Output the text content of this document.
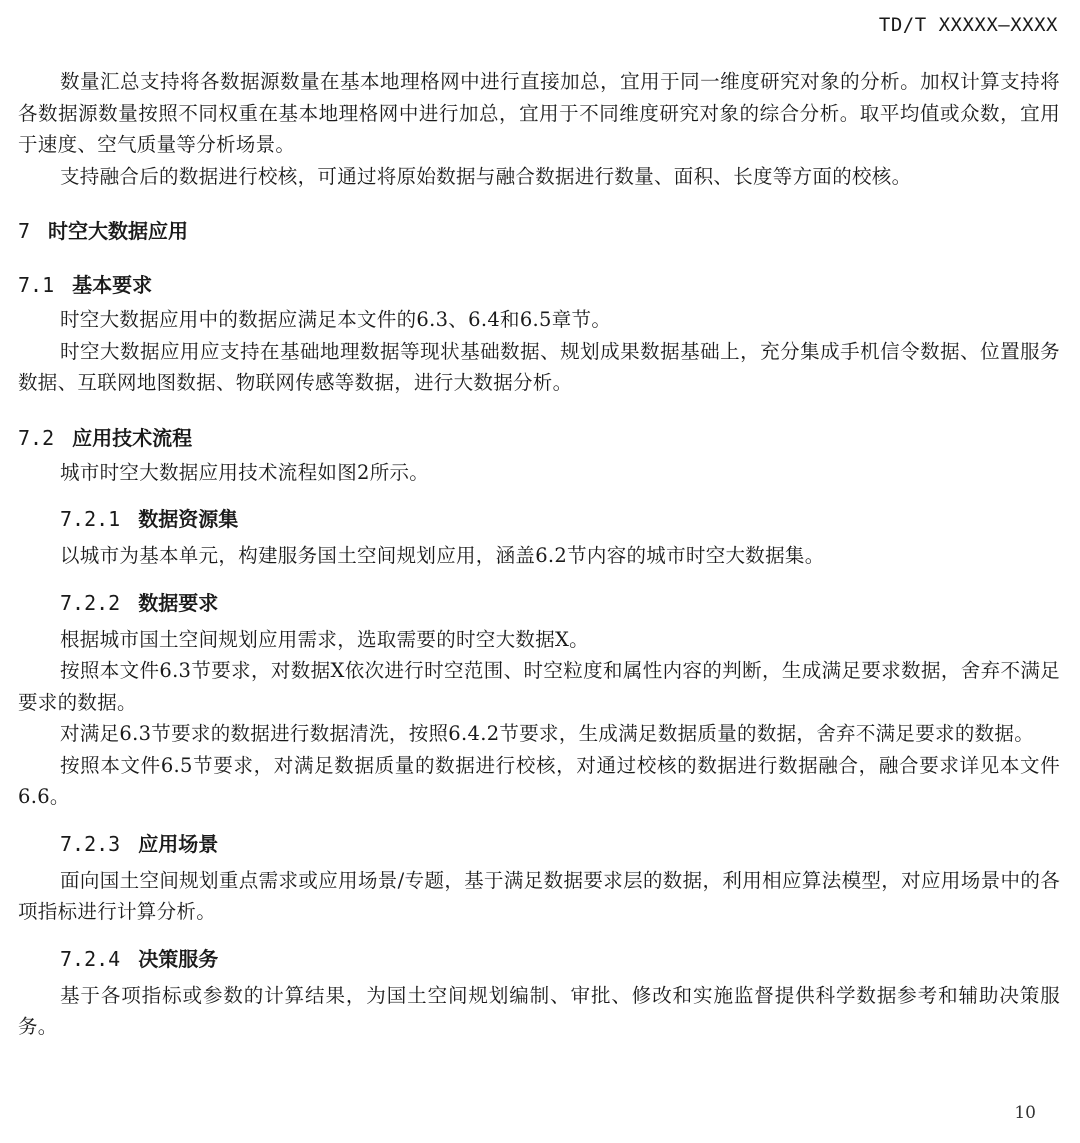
TD/T XXXXX—XXXX

数量汇总支持将各数据源数量在基本地理格网中进行直接加总，宜用于同一维度研究对象的分析。加权计算支持将各数据源数量按照不同权重在基本地理格网中进行加总，宜用于不同维度研究对象的综合分析。取平均值或众数，宜用于速度、空气质量等分析场景。

支持融合后的数据进行校核，可通过将原始数据与融合数据进行数量、面积、长度等方面的校核。

7 时空大数据应用
7.1 基本要求

时空大数据应用中的数据应满足本文件的6.3、6.4和6.5章节。

时空大数据应用应支持在基础地理数据等现状基础数据、规划成果数据基础上，充分集成手机信令数据、位置服务数据、互联网地图数据、物联网传感等数据，进行大数据分析。

7.2 应用技术流程

城市时空大数据应用技术流程如图2所示。

7.2.1 数据资源集

以城市为基本单元，构建服务国土空间规划应用，涵盖6.2节内容的城市时空大数据集。

7.2.2 数据要求

根据城市国土空间规划应用需求，选取需要的时空大数据X。

按照本文件6.3节要求，对数据X依次进行时空范围、时空粒度和属性内容的判断，生成满足要求数据，舍弃不满足要求的数据。

对满足6.3节要求的数据进行数据清洗，按照6.4.2节要求，生成满足数据质量的数据，舍弃不满足要求的数据。

按照本文件6.5节要求，对满足数据质量的数据进行校核，对通过校核的数据进行数据融合，融合要求详见本文件6.6。

7.2.3 应用场景

面向国土空间规划重点需求或应用场景/专题，基于满足数据要求层的数据，利用相应算法模型，对应用场景中的各项指标进行计算分析。

7.2.4 决策服务

基于各项指标或参数的计算结果，为国土空间规划编制、审批、修改和实施监督提供科学数据参考和辅助决策服务。

10
